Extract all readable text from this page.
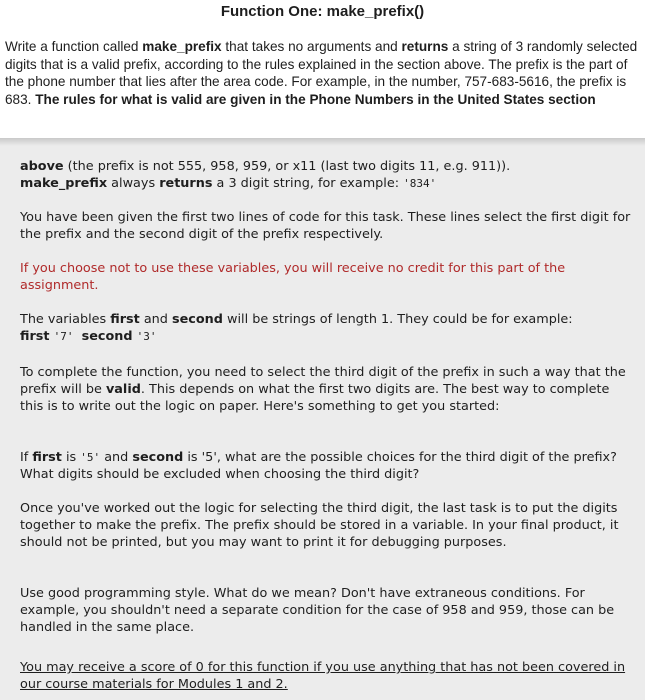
Function One: make_prefix()
Write a function called make_prefix that takes no arguments and returns a string of 3 randomly selected digits that is a valid prefix, according to the rules explained in the section above. The prefix is the part of the phone number that lies after the area code. For example, in the number, 757-683-5616, the prefix is 683. The rules for what is valid are given in the Phone Numbers in the United States section
above (the prefix is not 555, 958, 959, or x11 (last two digits 11, e.g. 911)).
make_prefix always returns a 3 digit string, for example: '834'
You have been given the first two lines of code for this task. These lines select the first digit for the prefix and the second digit of the prefix respectively.
If you choose not to use these variables, you will receive no credit for this part of the assignment.
The variables first and second will be strings of length 1. They could be for example:
first '7' second '3'
To complete the function, you need to select the third digit of the prefix in such a way that the prefix will be valid. This depends on what the first two digits are. The best way to complete this is to write out the logic on paper. Here's something to get you started:
If first is '5' and second is '5', what are the possible choices for the third digit of the prefix? What digits should be excluded when choosing the third digit?
Once you've worked out the logic for selecting the third digit, the last task is to put the digits together to make the prefix. The prefix should be stored in a variable. In your final product, it should not be printed, but you may want to print it for debugging purposes.
Use good programming style. What do we mean? Don't have extraneous conditions. For example, you shouldn't need a separate condition for the case of 958 and 959, those can be handled in the same place.
You may receive a score of 0 for this function if you use anything that has not been covered in our course materials for Modules 1 and 2.
